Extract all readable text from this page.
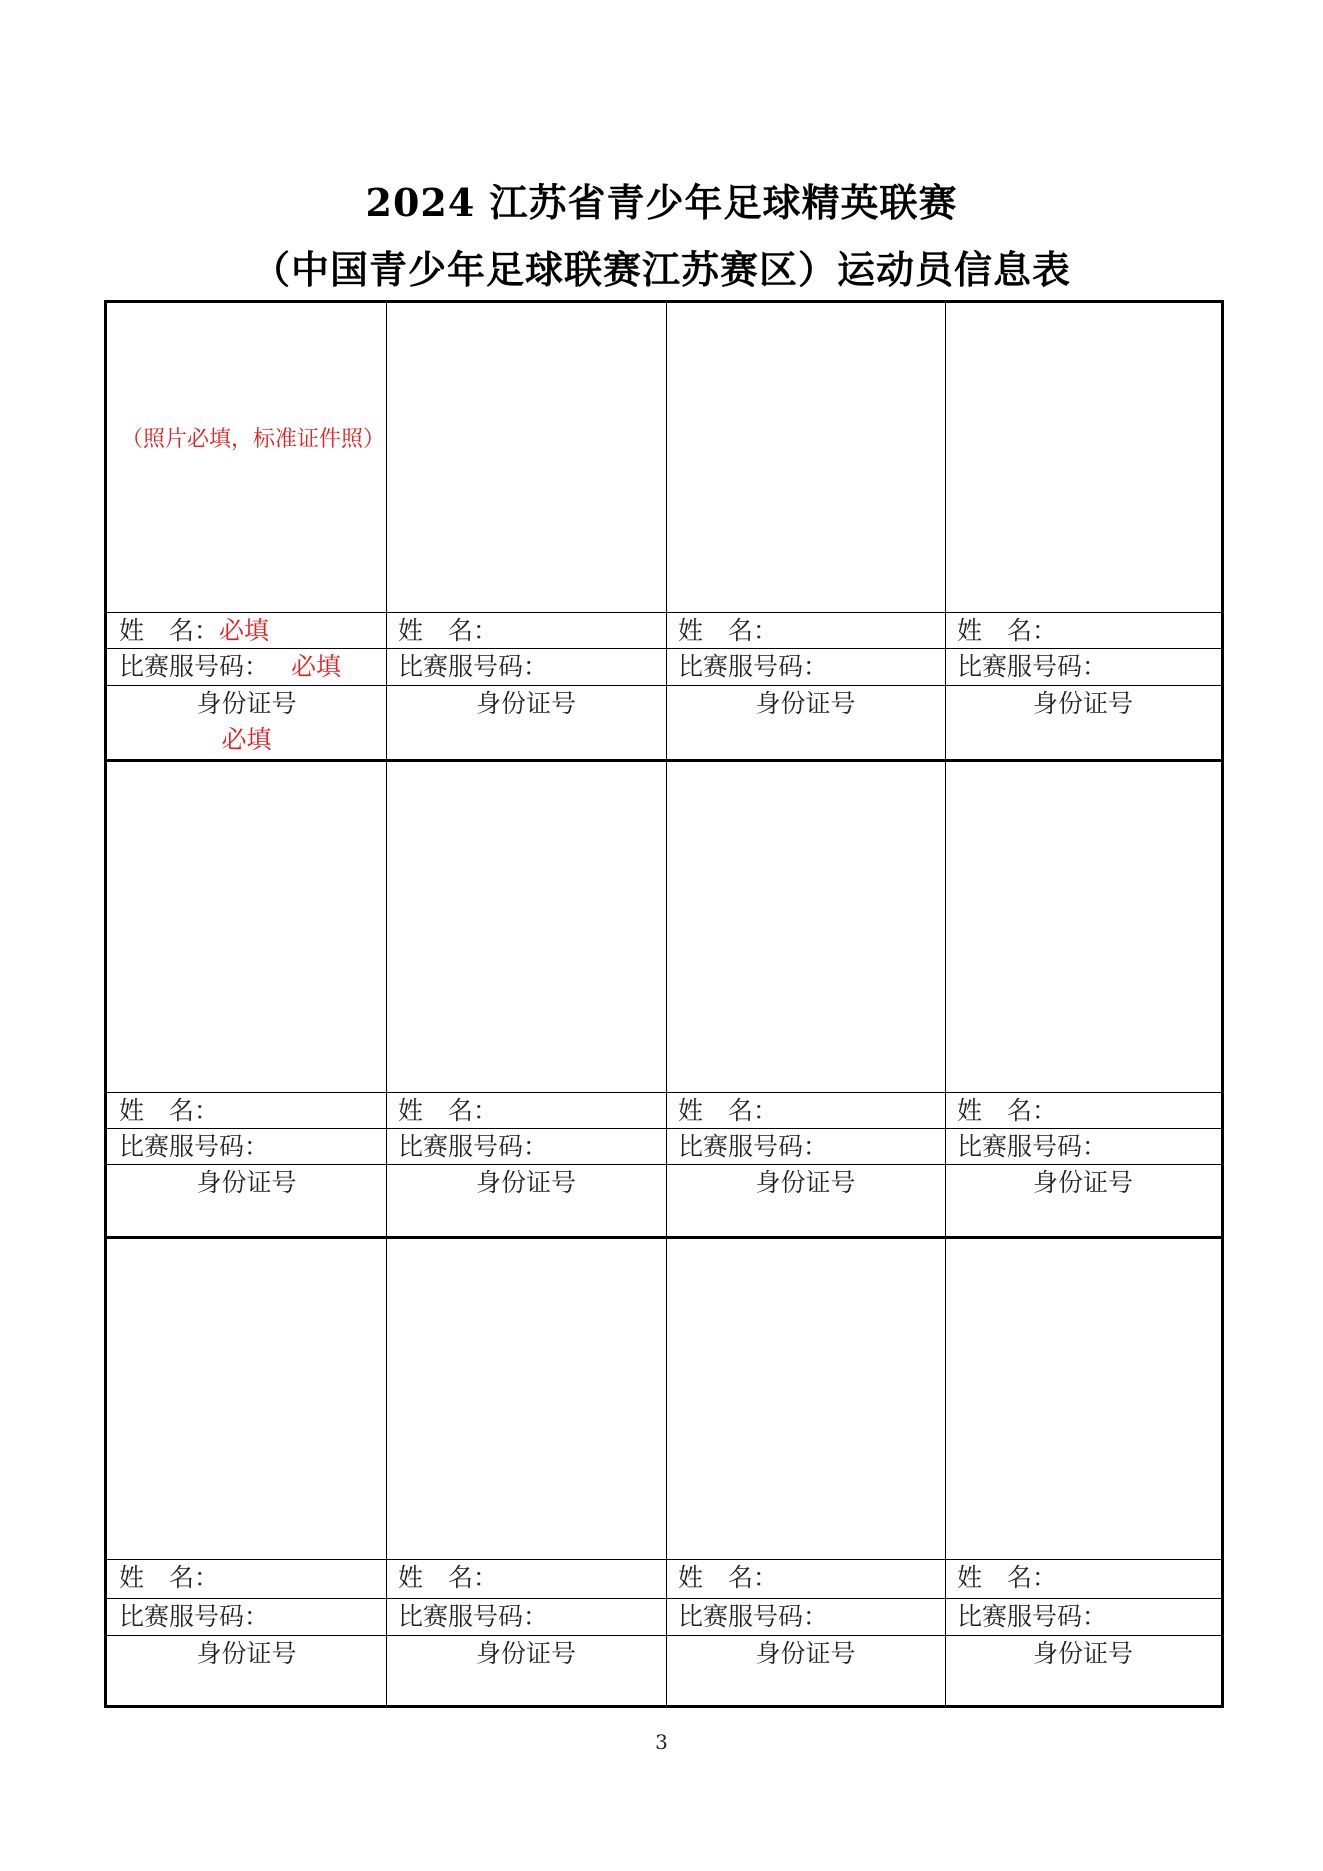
2024 江苏省青少年足球精英联赛
（中国青少年足球联赛江苏赛区）运动员信息表
（照片必填，标准证件照）
姓　名：必填
比赛服号码： 必填
身份证号
必填
姓　名：
比赛服号码：
身份证号
姓　名：
比赛服号码：
身份证号
姓　名：
比赛服号码：
身份证号
姓　名：
比赛服号码：
身份证号
姓　名：
比赛服号码：
身份证号
姓　名：
比赛服号码：
身份证号
姓　名：
比赛服号码：
身份证号
姓　名：
比赛服号码：
身份证号
姓　名：
比赛服号码：
身份证号
姓　名：
比赛服号码：
身份证号
姓　名：
比赛服号码：
身份证号
3
